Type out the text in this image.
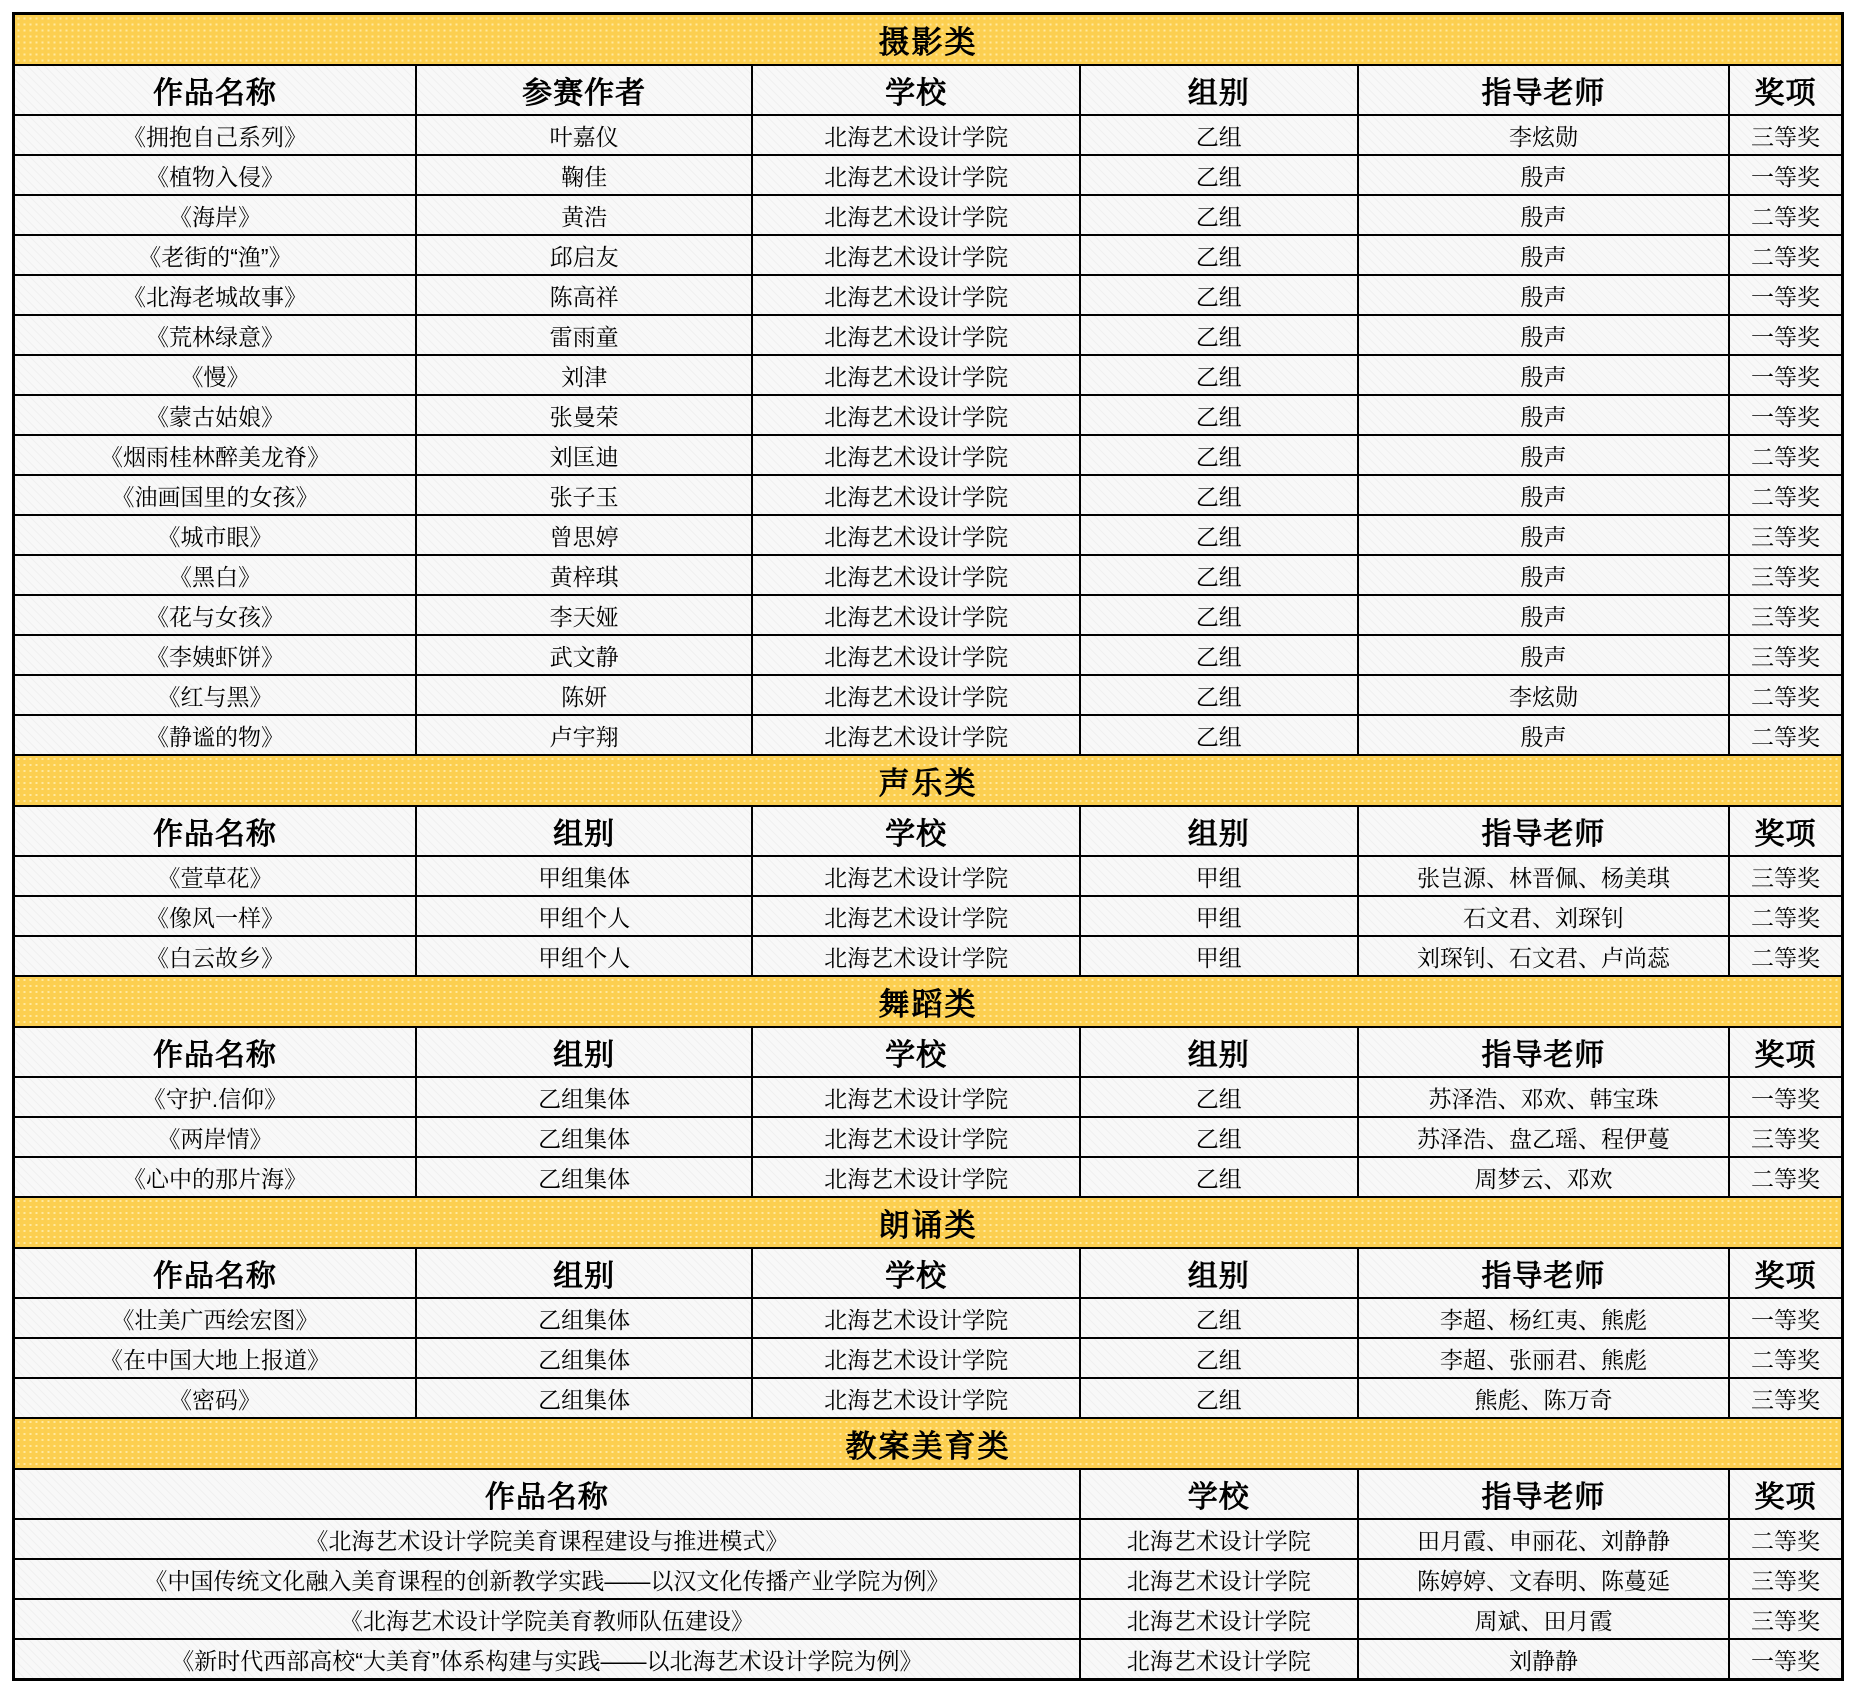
摄影类					
作品名称	参赛作者	学校	组别	指导老师	奖项
《拥抱自己系列》	叶嘉仪	北海艺术设计学院	乙组	李炫勋	三等奖
《植物入侵》	鞠佳	北海艺术设计学院	乙组	殷声	一等奖
《海岸》	黄浩	北海艺术设计学院	乙组	殷声	二等奖
《老街的“渔”》	邱启友	北海艺术设计学院	乙组	殷声	二等奖
《北海老城故事》	陈高祥	北海艺术设计学院	乙组	殷声	一等奖
《荒林绿意》	雷雨童	北海艺术设计学院	乙组	殷声	一等奖
《慢》	刘津	北海艺术设计学院	乙组	殷声	一等奖
《蒙古姑娘》	张曼荣	北海艺术设计学院	乙组	殷声	一等奖
《烟雨桂林醉美龙脊》	刘匡迪	北海艺术设计学院	乙组	殷声	二等奖
《油画国里的女孩》	张子玉	北海艺术设计学院	乙组	殷声	二等奖
《城市眼》	曾思婷	北海艺术设计学院	乙组	殷声	三等奖
《黑白》	黄梓琪	北海艺术设计学院	乙组	殷声	三等奖
《花与女孩》	李天娅	北海艺术设计学院	乙组	殷声	三等奖
《李姨虾饼》	武文静	北海艺术设计学院	乙组	殷声	三等奖
《红与黑》	陈妍	北海艺术设计学院	乙组	李炫勋	二等奖
《静谧的物》	卢宇翔	北海艺术设计学院	乙组	殷声	二等奖
声乐类					
作品名称	组别	学校	组别	指导老师	奖项
《萱草花》	甲组集体	北海艺术设计学院	甲组	张岂源、林晋佩、杨美琪	三等奖
《像风一样》	甲组个人	北海艺术设计学院	甲组	石文君、刘琛钊	二等奖
《白云故乡》	甲组个人	北海艺术设计学院	甲组	刘琛钊、石文君、卢尚蕊	二等奖
舞蹈类					
作品名称	组别	学校	组别	指导老师	奖项
《守护.信仰》	乙组集体	北海艺术设计学院	乙组	苏泽浩、邓欢、韩宝珠	一等奖
《两岸情》	乙组集体	北海艺术设计学院	乙组	苏泽浩、盘乙瑶、程伊蔓	三等奖
《心中的那片海》	乙组集体	北海艺术设计学院	乙组	周梦云、邓欢	二等奖
朗诵类					
作品名称	组别	学校	组别	指导老师	奖项
《壮美广西绘宏图》	乙组集体	北海艺术设计学院	乙组	李超、杨红夷、熊彪	一等奖
《在中国大地上报道》	乙组集体	北海艺术设计学院	乙组	李超、张丽君、熊彪	二等奖
《密码》	乙组集体	北海艺术设计学院	乙组	熊彪、陈万奇	三等奖
教案美育类					
作品名称			学校	指导老师	奖项
《北海艺术设计学院美育课程建设与推进模式》			北海艺术设计学院	田月霞、申丽花、刘静静	二等奖
《中国传统文化融入美育课程的创新教学实践——以汉文化传播产业学院为例》			北海艺术设计学院	陈婷婷、文春明、陈蔓延	三等奖
《北海艺术设计学院美育教师队伍建设》			北海艺术设计学院	周斌、田月霞	三等奖
《新时代西部高校“大美育”体系构建与实践——以北海艺术设计学院为例》			北海艺术设计学院	刘静静	一等奖
